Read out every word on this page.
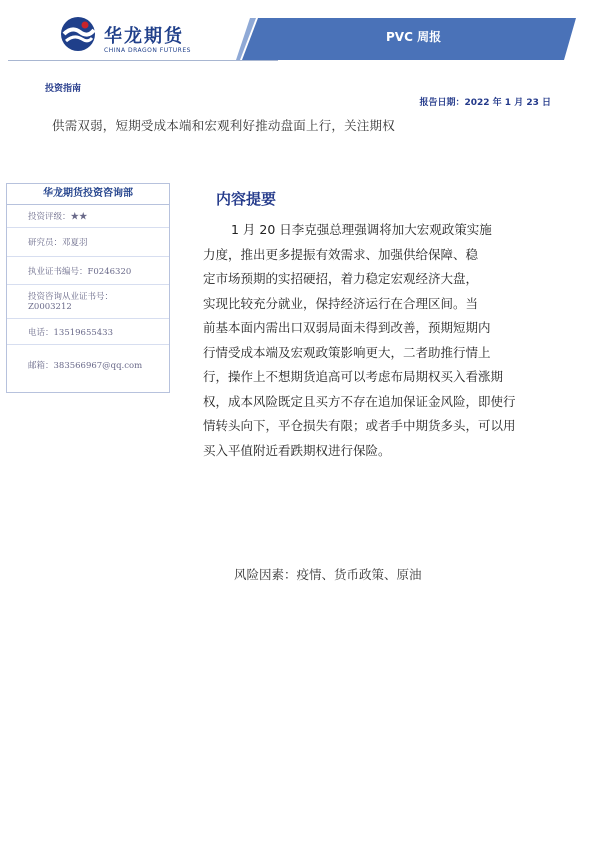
华龙期货
CHINA DRAGON FUTURES
PVC 周报
投资指南
报告日期：2022 年 1 月 23 日
供需双弱，短期受成本端和宏观利好推动盘面上行，关注期权
华龙期货投资咨询部
投资评级：★★
研究员：邓夏羽
执业证书编号：F0246320
投资咨询从业证书号：
Z0003212
电话：13519655433
邮箱：383566967@qq.com
内容提要
1 月 20 日李克强总理强调将加大宏观政策实施
力度，推出更多提振有效需求、加强供给保障、稳
定市场预期的实招硬招，着力稳定宏观经济大盘，
实现比较充分就业，保持经济运行在合理区间。当
前基本面内需出口双弱局面未得到改善，预期短期内
行情受成本端及宏观政策影响更大，二者助推行情上
行，操作上不想期货追高可以考虑布局期权买入看涨期
权，成本风险既定且买方不存在追加保证金风险，即使行
情转头向下，平仓损失有限；或者手中期货多头，可以用
买入平值附近看跌期权进行保险。
风险因素：疫情、货币政策、原油
